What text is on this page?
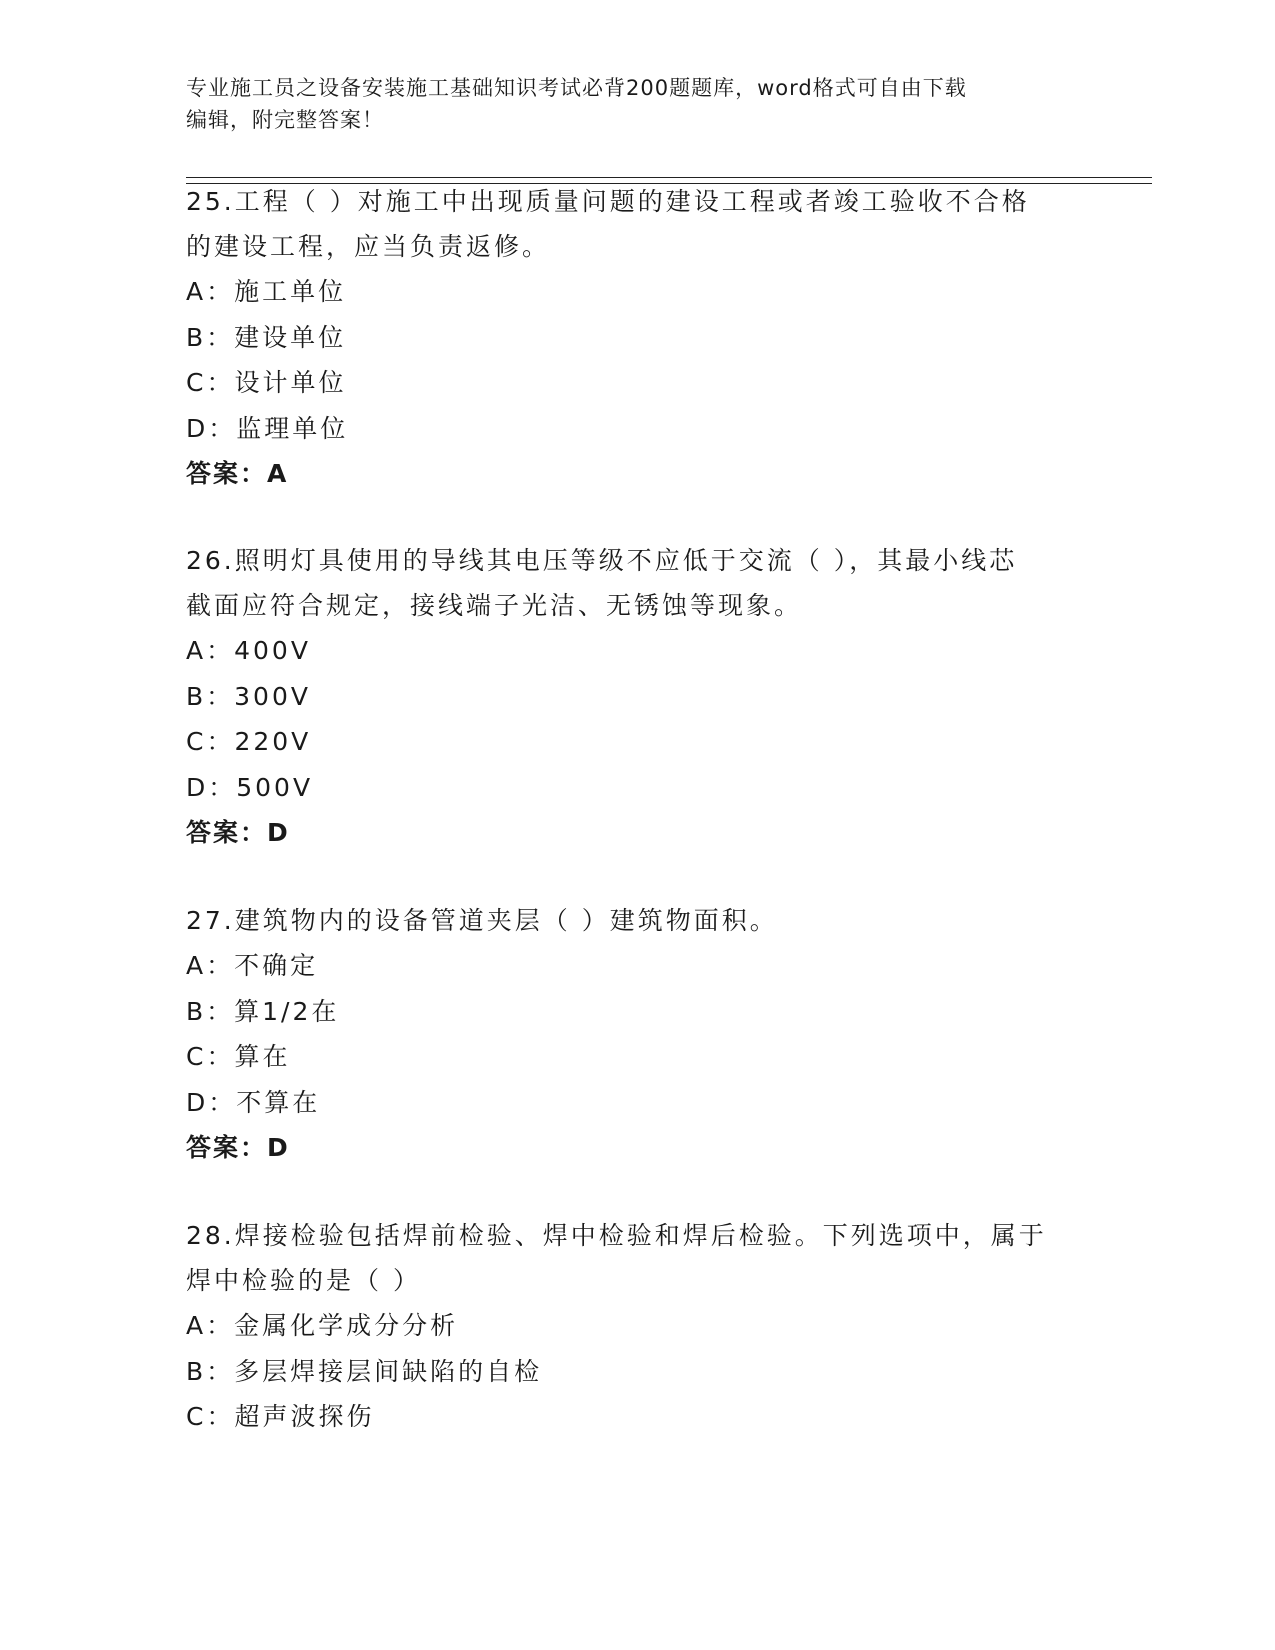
专业施工员之设备安装施工基础知识考试必背200题题库，word格式可自由下载
编辑，附完整答案！

25.工程（ ）对施工中出现质量问题的建设工程或者竣工验收不合格

的建设工程，应当负责返修。

A：施工单位

B：建设单位

C：设计单位

D：监理单位

答案：A

26.照明灯具使用的导线其电压等级不应低于交流（ ），其最小线芯

截面应符合规定，接线端子光洁、无锈蚀等现象。

A：400V

B：300V

C：220V

D：500V

答案：D

27.建筑物内的设备管道夹层（ ）建筑物面积。

A：不确定

B：算1/2在

C：算在

D：不算在

答案：D

28.焊接检验包括焊前检验、焊中检验和焊后检验。下列选项中，属于

焊中检验的是（ ）

A：金属化学成分分析

B：多层焊接层间缺陷的自检

C：超声波探伤
